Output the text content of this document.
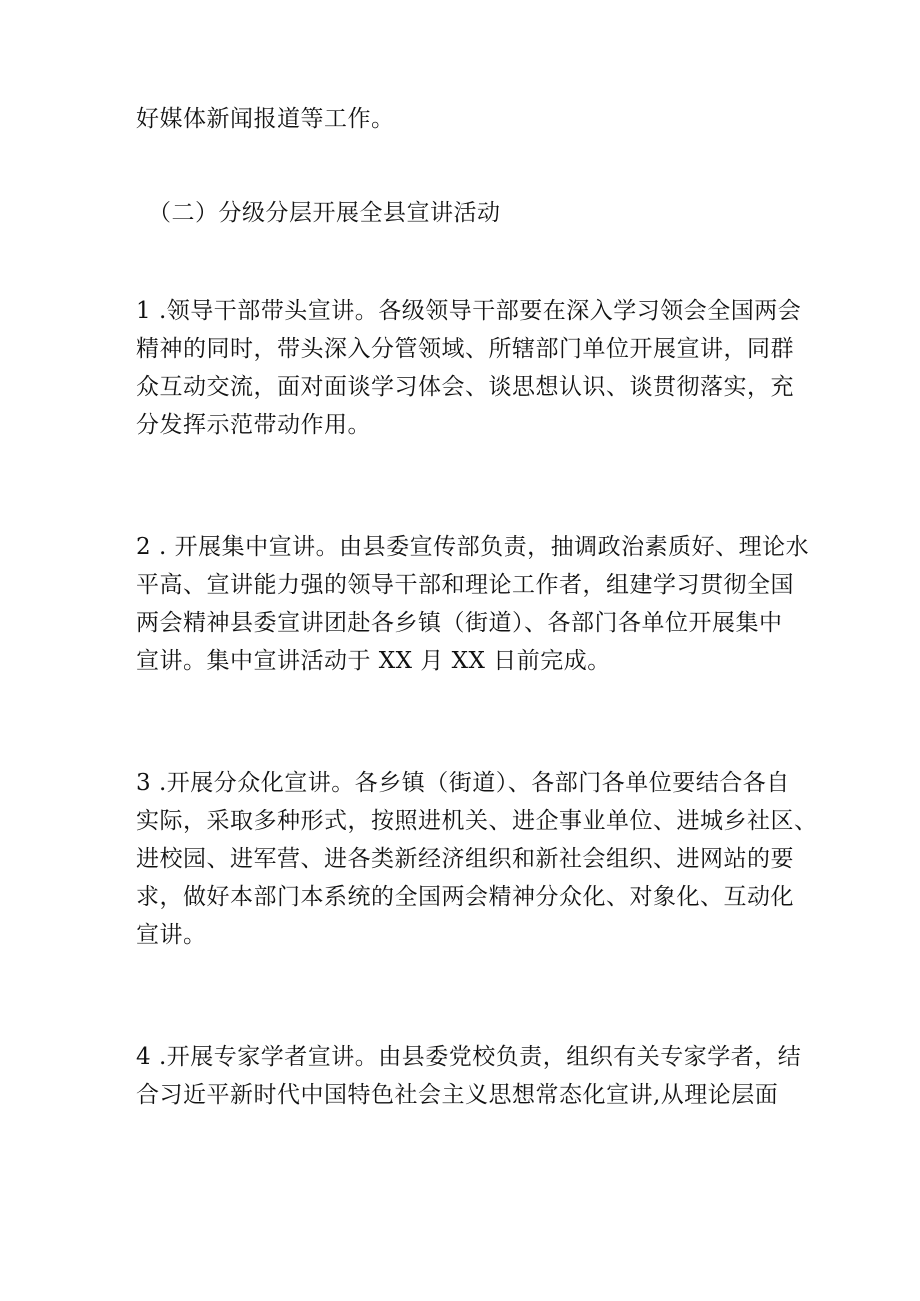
好媒体新闻报道等工作。
（二）分级分层开展全县宣讲活动
1 .领导干部带头宣讲。各级领导干部要在深入学习领会全国两会
精神的同时，带头深入分管领域、所辖部门单位开展宣讲，同群
众互动交流，面对面谈学习体会、谈思想认识、谈贯彻落实，充
分发挥示范带动作用。
2 . 开展集中宣讲。由县委宣传部负责，抽调政治素质好、理论水
平高、宣讲能力强的领导干部和理论工作者，组建学习贯彻全国
两会精神县委宣讲团赴各乡镇（街道）、各部门各单位开展集中
宣讲。集中宣讲活动于 XX 月 XX 日前完成。
3 .开展分众化宣讲。各乡镇（街道）、各部门各单位要结合各自
实际，采取多种形式，按照进机关、进企事业单位、进城乡社区、
进校园、进军营、进各类新经济组织和新社会组织、进网站的要
求，做好本部门本系统的全国两会精神分众化、对象化、互动化
宣讲。
4 .开展专家学者宣讲。由县委党校负责，组织有关专家学者，结
合习近平新时代中国特色社会主义思想常态化宣讲,从理论层面
